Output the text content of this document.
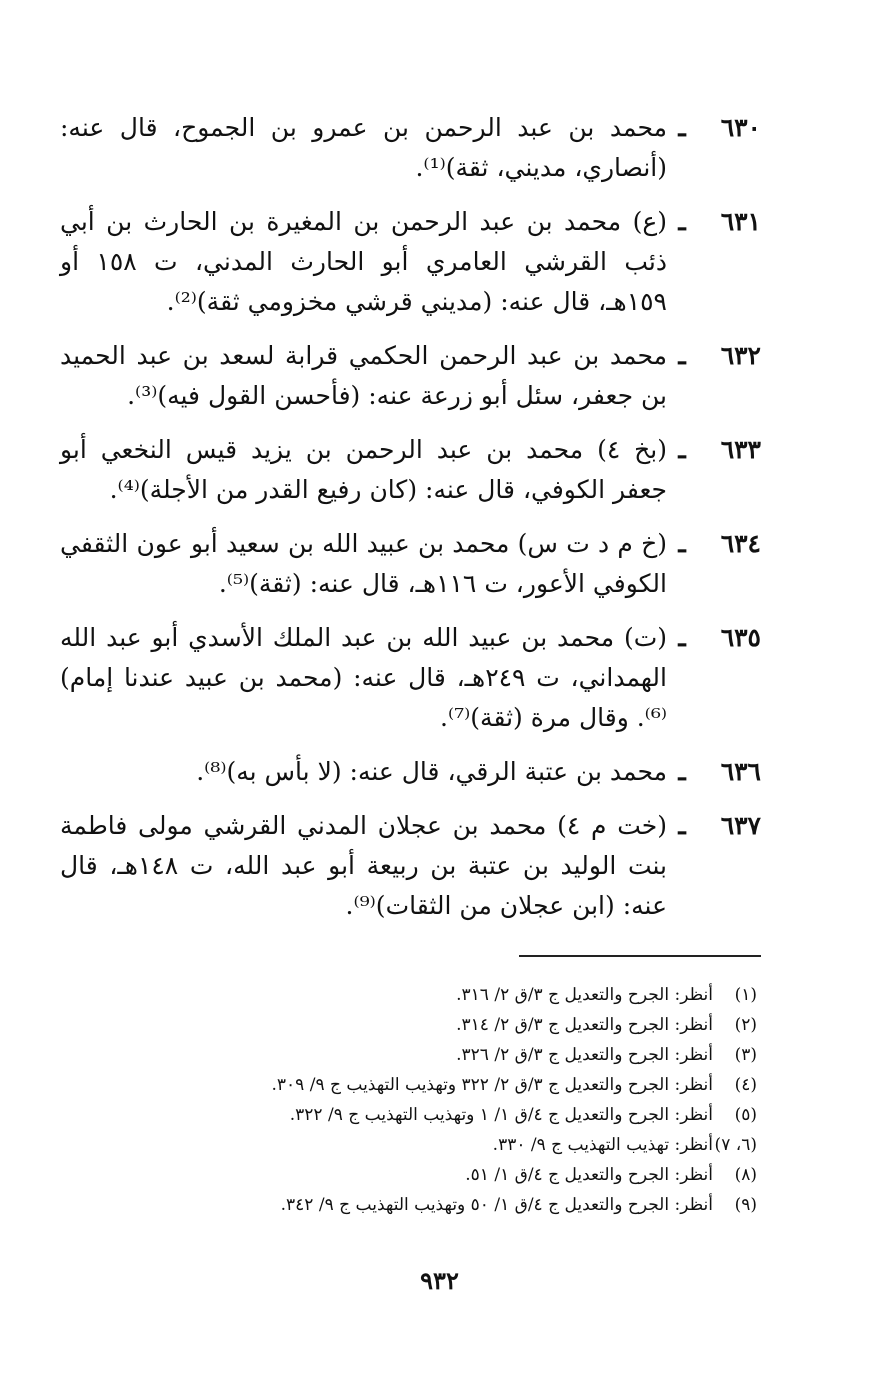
٦٣٠
ـ
محمد بن عبد الرحمن بن عمرو بن الجموح، قال عنه: (أنصاري، مديني، ثقة)⁽¹⁾.
٦٣١
ـ
(ع) محمد بن عبد الرحمن بن المغيرة بن الحارث بن أبي ذئب القرشي العامري أبو الحارث المدني، ت ١٥٨ أو ١٥٩هـ، قال عنه: (مديني قرشي مخزومي ثقة)⁽²⁾.
٦٣٢
ـ
محمد بن عبد الرحمن الحكمي قرابة لسعد بن عبد الحميد بن جعفر، سئل أبو زرعة عنه: (فأحسن القول فيه)⁽³⁾.
٦٣٣
ـ
(بخ ٤) محمد بن عبد الرحمن بن يزيد قيس النخعي أبو جعفر الكوفي، قال عنه: (كان رفيع القدر من الأجلة)⁽⁴⁾.
٦٣٤
ـ
(خ م د ت س) محمد بن عبيد الله بن سعيد أبو عون الثقفي الكوفي الأعور، ت ١١٦هـ، قال عنه: (ثقة)⁽⁵⁾.
٦٣٥
ـ
(ت) محمد بن عبيد الله بن عبد الملك الأسدي أبو عبد الله الهمداني، ت ٢٤٩هـ، قال عنه: (محمد بن عبيد عندنا إمام)⁽⁶⁾. وقال مرة (ثقة)⁽⁷⁾.
٦٣٦
ـ
محمد بن عتبة الرقي، قال عنه: (لا بأس به)⁽⁸⁾.
٦٣٧
ـ
(خت م ٤) محمد بن عجلان المدني القرشي مولى فاطمة بنت الوليد بن عتبة بن ربيعة أبو عبد الله، ت ١٤٨هـ، قال عنه: (ابن عجلان من الثقات)⁽⁹⁾.
(١)
أنظر: الجرح والتعديل ج ٣/ق ٢/ ٣١٦.
(٢)
أنظر: الجرح والتعديل ج ٣/ق ٢/ ٣١٤.
(٣)
أنظر: الجرح والتعديل ج ٣/ق ٢/ ٣٢٦.
(٤)
أنظر: الجرح والتعديل ج ٣/ق ٢/ ٣٢٢ وتهذيب التهذيب ج ٩/ ٣٠٩.
(٥)
أنظر: الجرح والتعديل ج ٤/ق ١/ ١ وتهذيب التهذيب ج ٩/ ٣٢٢.
(٦، ٧)
أنظر: تهذيب التهذيب ج ٩/ ٣٣٠.
(٨)
أنظر: الجرح والتعديل ج ٤/ق ١/ ٥١.
(٩)
أنظر: الجرح والتعديل ج ٤/ق ١/ ٥٠ وتهذيب التهذيب ج ٩/ ٣٤٢.
٩٣٢
